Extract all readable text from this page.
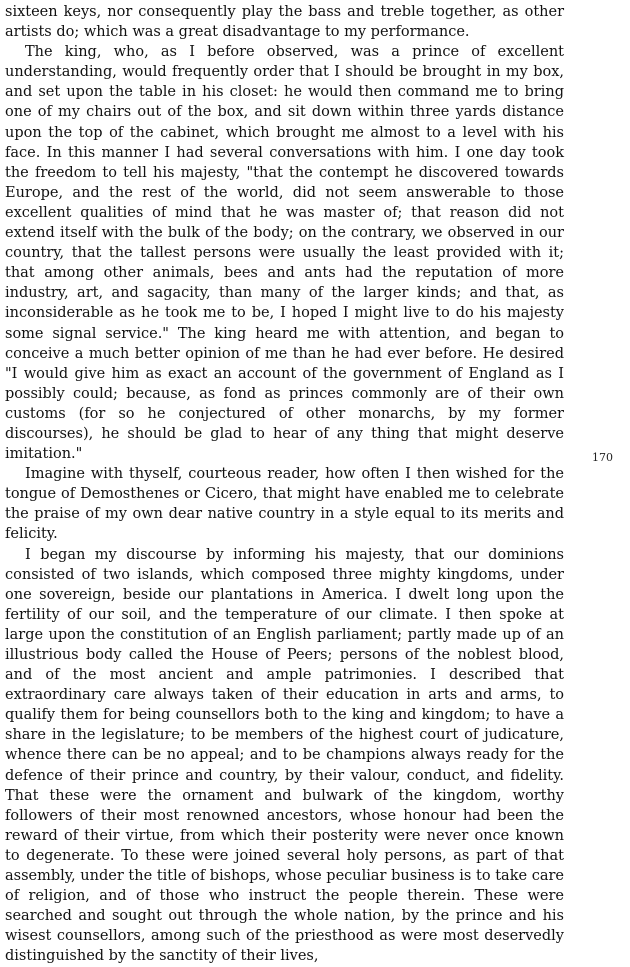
sixteen keys, nor consequently play the bass and treble together, as other artists do; which was a great disadvantage to my performance.

The king, who, as I before observed, was a prince of excellent understanding, would frequently order that I should be brought in my box, and set upon the table in his closet: he would then command me to bring one of my chairs out of the box, and sit down within three yards distance upon the top of the cabinet, which brought me almost to a level with his face. In this manner I had several conversations with him. I one day took the freedom to tell his majesty, "that the contempt he discovered towards Europe, and the rest of the world, did not seem answerable to those excellent qualities of mind that he was master of; that reason did not extend itself with the bulk of the body; on the contrary, we observed in our country, that the tallest persons were usually the least provided with it; that among other animals, bees and ants had the reputation of more industry, art, and sagacity, than many of the larger kinds; and that, as inconsiderable as he took me to be, I hoped I might live to do his majesty some signal service." The king heard me with attention, and began to conceive a much better opinion of me than he had ever before. He desired "I would give him as exact an account of the government of England as I possibly could; because, as fond as princes commonly are of their own customs (for so he conjectured of other monarchs, by my former discourses), he should be glad to hear of any thing that might deserve imitation."

Imagine with thyself, courteous reader, how often I then wished for the tongue of Demosthenes or Cicero, that might have enabled me to celebrate the praise of my own dear native country in a style equal to its merits and felicity.

I began my discourse by informing his majesty, that our dominions consisted of two islands, which composed three mighty kingdoms, under one sovereign, beside our plantations in America. I dwelt long upon the fertility of our soil, and the temperature of our climate. I then spoke at large upon the constitution of an English parliament; partly made up of an illustrious body called the House of Peers; persons of the noblest blood, and of the most ancient and ample patrimonies. I described that extraordinary care always taken of their education in arts and arms, to qualify them for being counsellors both to the king and kingdom; to have a share in the legislature; to be members of the highest court of judicature, whence there can be no appeal; and to be champions always ready for the defence of their prince and country, by their valour, conduct, and fidelity. That these were the ornament and bulwark of the kingdom, worthy followers of their most renowned ancestors, whose honour had been the reward of their virtue, from which their posterity were never once known to degenerate. To these were joined several holy persons, as part of that assembly, under the title of bishops, whose peculiar business is to take care of religion, and of those who instruct the people therein. These were searched and sought out through the whole nation, by the prince and his wisest counsellors, among such of the priesthood as were most deservedly distinguished by the sanctity of their lives,

170
